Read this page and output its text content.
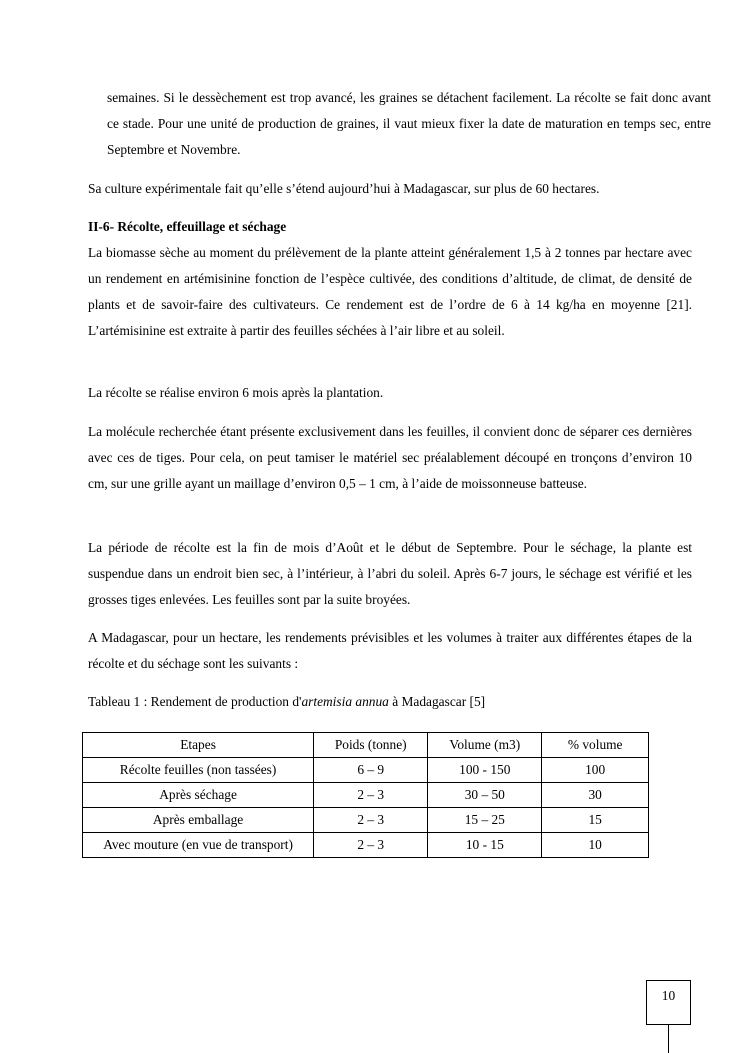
semaines. Si le dessèchement est trop avancé, les graines se détachent facilement. La récolte se fait donc avant ce stade. Pour une unité de production de graines, il vaut mieux fixer la date de maturation en temps sec, entre Septembre et Novembre.

Sa culture expérimentale fait qu’elle s’étend aujourd’hui à Madagascar, sur plus de 60 hectares.

II-6- Récolte, effeuillage et séchage

La biomasse sèche au moment du prélèvement de la plante atteint généralement 1,5 à 2 tonnes par hectare avec un rendement en artémisinine fonction de l’espèce cultivée, des conditions d’altitude, de climat, de densité de plants et de savoir-faire des cultivateurs. Ce rendement est de l’ordre de 6 à 14 kg/ha en moyenne [21]. L’artémisinine est extraite à partir des feuilles séchées à l’air libre et au soleil.

La récolte se réalise environ 6 mois après la plantation.

La molécule recherchée étant présente exclusivement dans les feuilles, il convient donc de séparer ces dernières avec ces de tiges. Pour cela, on peut tamiser le matériel sec préalablement découpé en tronçons d’environ 10 cm, sur une grille ayant un maillage d’environ 0,5 – 1 cm, à l’aide de moissonneuse batteuse.

La période de récolte est la fin de mois d’Août et le début de Septembre. Pour le séchage, la plante est suspendue dans un endroit bien sec, à l’intérieur, à l’abri du soleil. Après 6-7 jours, le séchage est vérifié et les grosses tiges enlevées. Les feuilles sont par la suite broyées.

A Madagascar, pour un hectare, les rendements prévisibles et les volumes à traiter aux différentes étapes de la récolte et du séchage sont les suivants :

Tableau 1 : Rendement de production d'artemisia annua à Madagascar [5]
Etapes	Poids (tonne)	Volume (m3)	% volume
Récolte feuilles (non tassées)	6 – 9	100 - 150	100
Après séchage	2 – 3	30 – 50	30
Après emballage	2 – 3	15 – 25	15
Avec mouture (en vue de transport)	2 – 3	10 - 15	10
10
